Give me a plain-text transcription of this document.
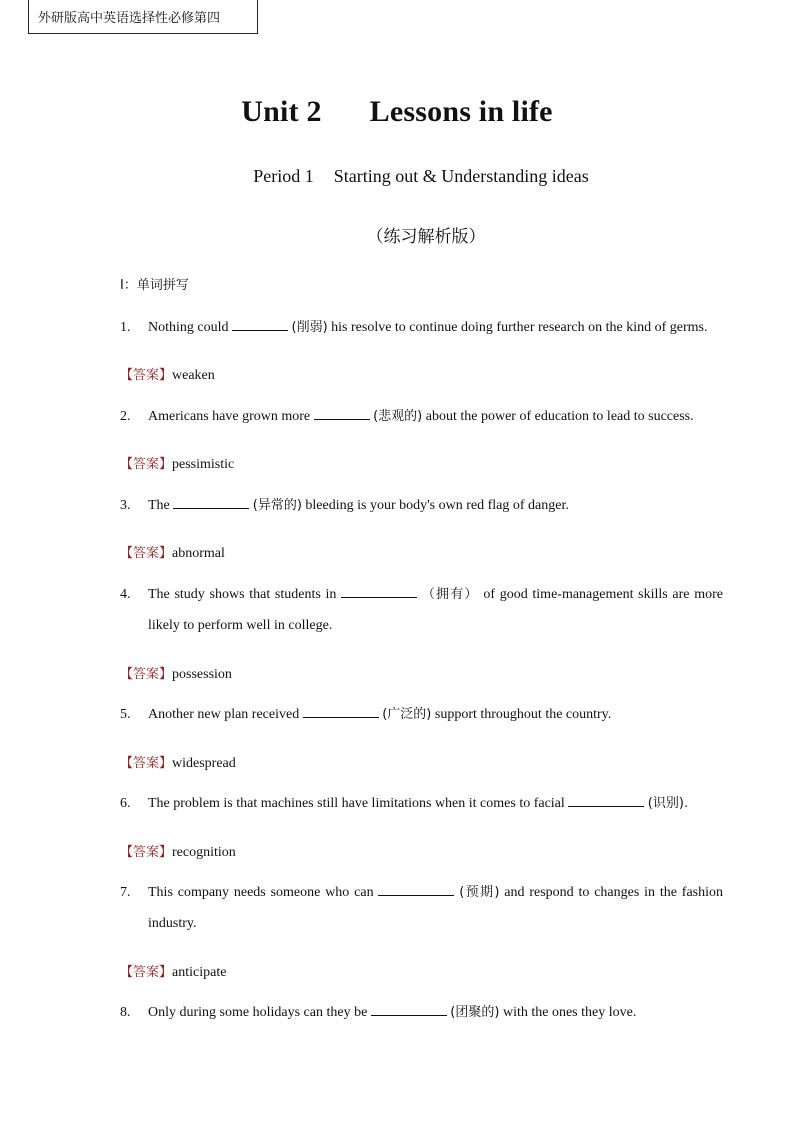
外研版高中英语选择性必修第四
Unit 2 Lessons in life
Period 1 Starting out & Understanding ideas
（练习解析版）
I：单词拼写
1. Nothing could	(削弱) his resolve to continue doing further research on the kind of germs.
【答案】weaken
2. Americans have grown more	(悲观的) about the power of education to lead to success.
【答案】pessimistic
3. The	(异常的) bleeding is your body's own red flag of danger.
【答案】abnormal
4. The study shows that students in	（拥有） of good time-management skills are more likely to perform well in college.
【答案】possession
5. Another new plan received	(广泛的) support throughout the country.
【答案】widespread
6. The problem is that machines still have limitations when it comes to facial	(识别).
【答案】recognition
7. This company needs someone who can	(预期) and respond to changes in the fashion industry.
【答案】anticipate
8. Only during some holidays can they be	(团聚的) with the ones they love.
